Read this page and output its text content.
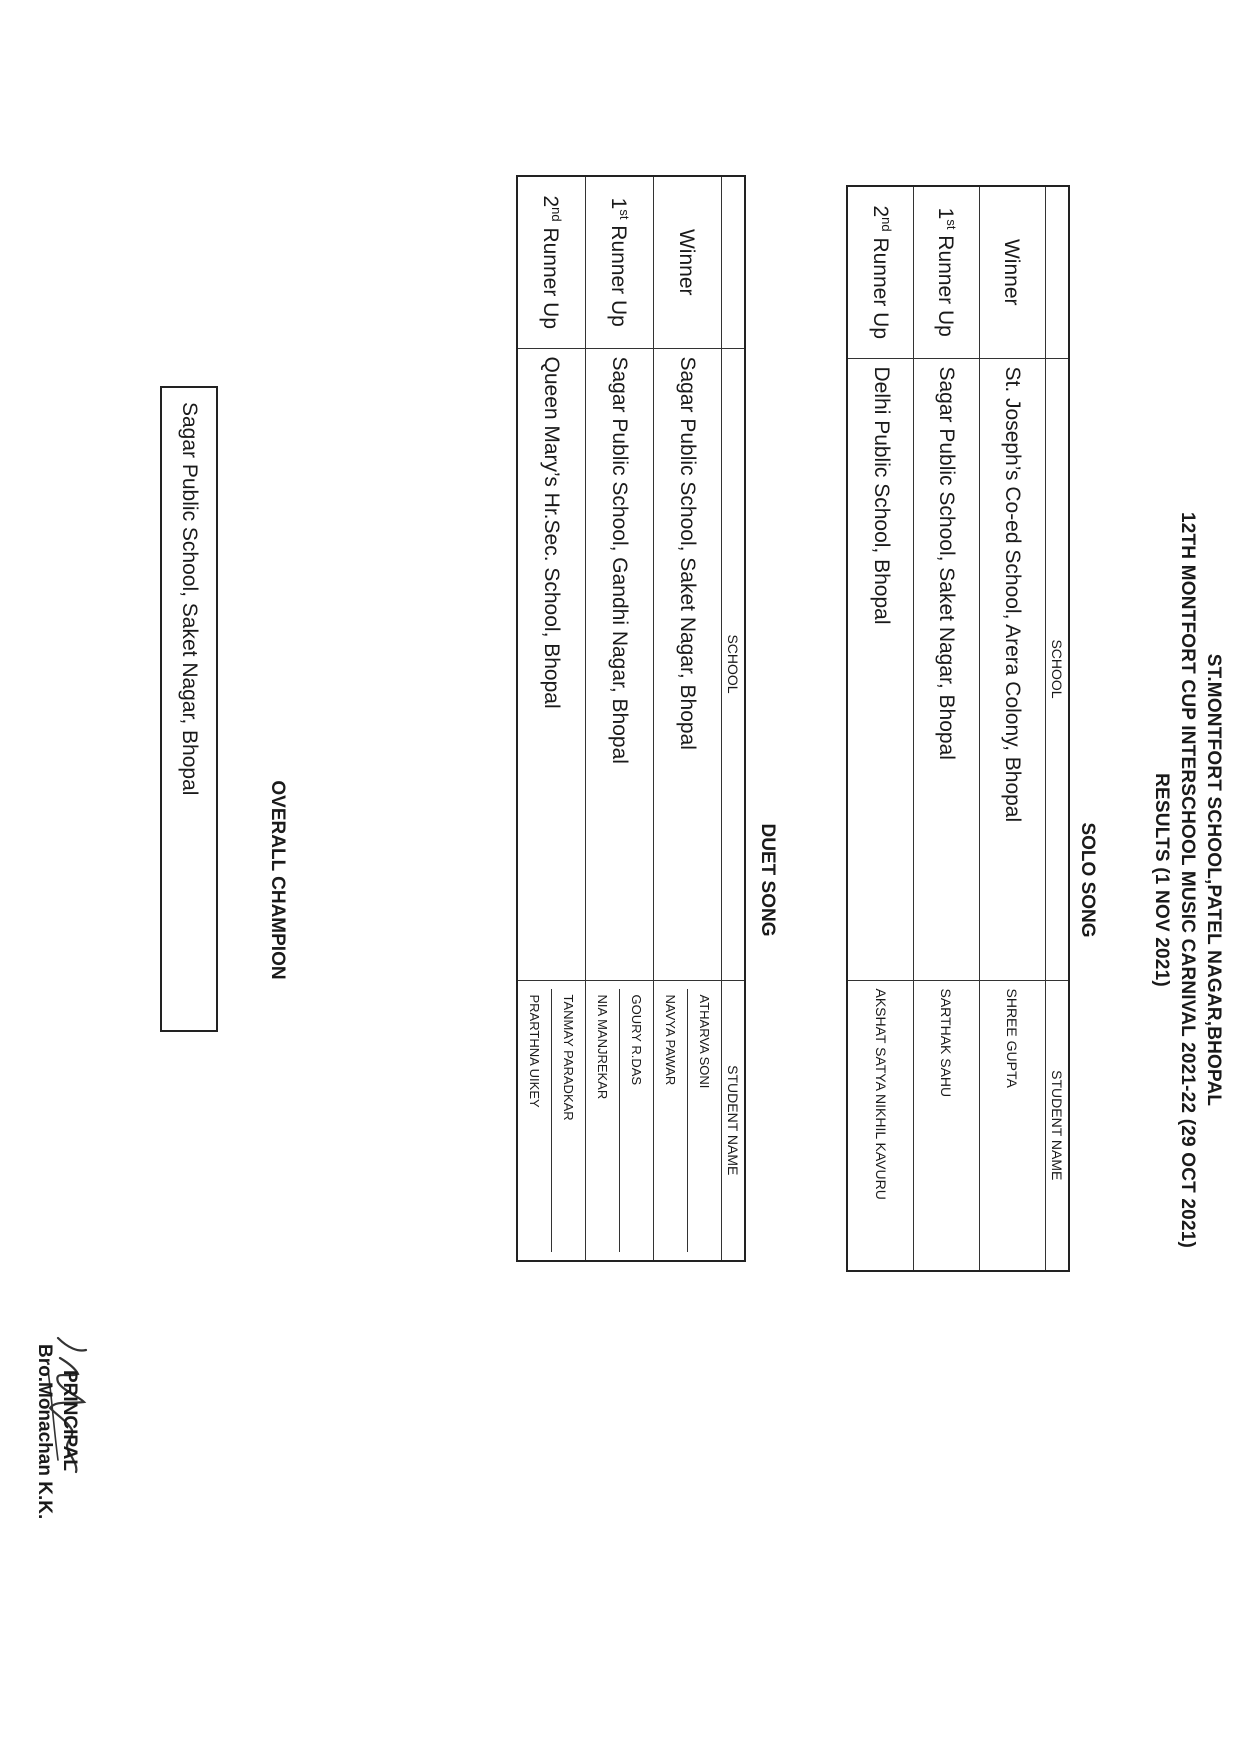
ST.MONTFORT SCHOOL,PATEL NAGAR,BHOPAL
12TH MONTFORT CUP INTERSCHOOL MUSIC CARNIVAL 2021-22 (29 OCT 2021)
RESULTS (1 NOV 2021)
SOLO SONG
	SCHOOL	STUDENT NAME
Winner	St. Joseph’s Co-ed School, Arera Colony, Bhopal	SHREE GUPTA
1st Runner Up	Sagar Public School, Saket Nagar, Bhopal	SARTHAK SAHU
2nd Runner Up	Delhi Public School, Bhopal	AKSHAT SATYA NIKHIL KAVURU
DUET SONG
	SCHOOL	STUDENT NAME
Winner	Sagar Public School, Saket Nagar, Bhopal	ATHARVA SONI
NAVYA PAWAR

1st Runner Up	Sagar Public School, Gandhi Nagar, Bhopal	GOURY R.DAS
NIA MANJREKAR

2nd Runner Up	Queen Mary’s Hr.Sec. School, Bhopal	TANMAY PARADKAR
PRARTHNA UIKEY
OVERALL CHAMPION
Sagar Public School, Saket Nagar, Bhopal
PRINCIPAL
Bro.Monachan K.K.
